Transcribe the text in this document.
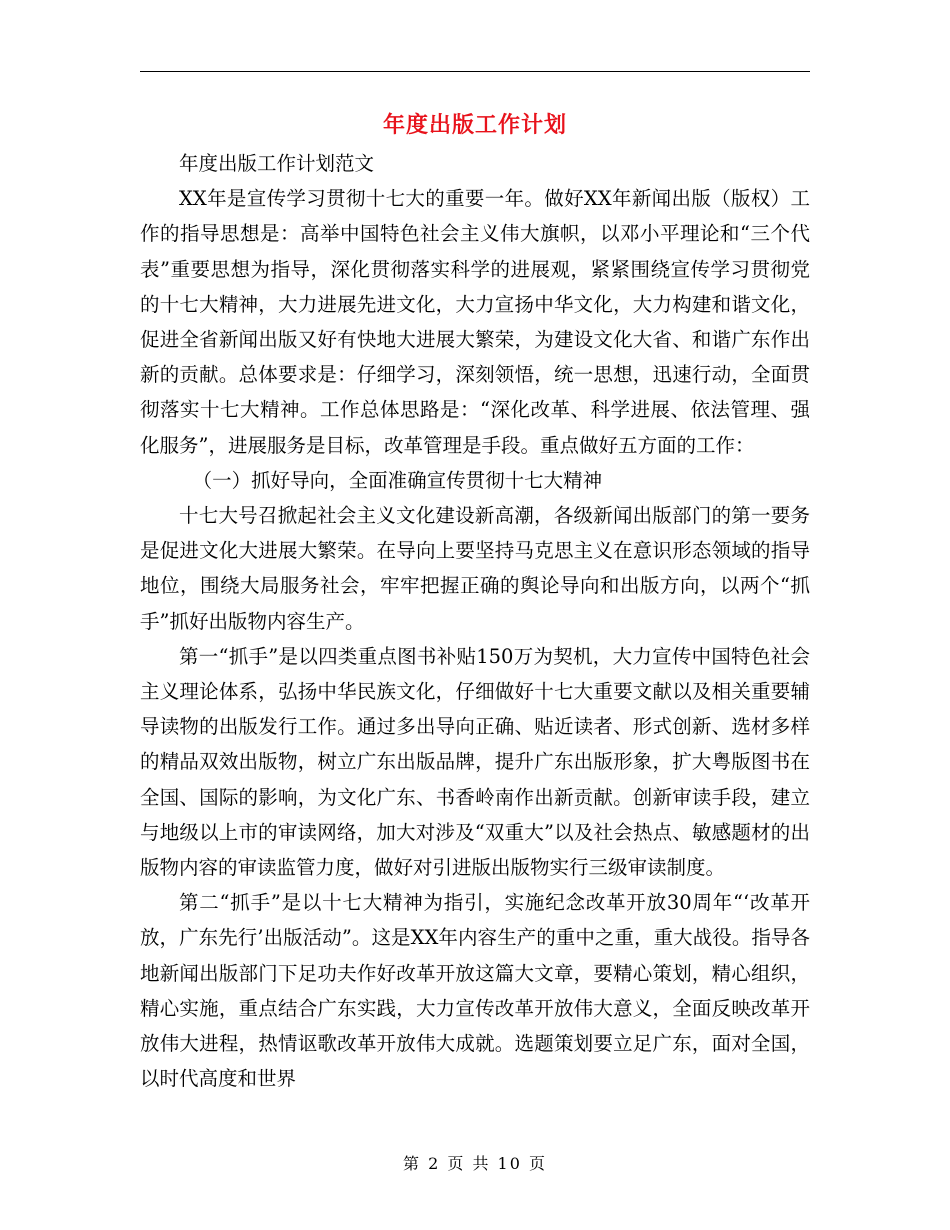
年度出版工作计划

年度出版工作计划范文

XX年是宣传学习贯彻十七大的重要一年。做好XX年新闻出版（版权）工作的指导思想是：高举中国特色社会主义伟大旗帜，以邓小平理论和“三个代表”重要思想为指导，深化贯彻落实科学的进展观，紧紧围绕宣传学习贯彻党的十七大精神，大力进展先进文化，大力宣扬中华文化，大力构建和谐文化，促进全省新闻出版又好有快地大进展大繁荣，为建设文化大省、和谐广东作出新的贡献。总体要求是：仔细学习，深刻领悟，统一思想，迅速行动，全面贯彻落实十七大精神。工作总体思路是：“深化改革、科学进展、依法管理、强化服务”，进展服务是目标，改革管理是手段。重点做好五方面的工作：

（一）抓好导向，全面准确宣传贯彻十七大精神

十七大号召掀起社会主义文化建设新高潮，各级新闻出版部门的第一要务是促进文化大进展大繁荣。在导向上要坚持马克思主义在意识形态领域的指导地位，围绕大局服务社会，牢牢把握正确的舆论导向和出版方向，以两个“抓手”抓好出版物内容生产。

第一“抓手”是以四类重点图书补贴150万为契机，大力宣传中国特色社会主义理论体系，弘扬中华民族文化，仔细做好十七大重要文献以及相关重要辅导读物的出版发行工作。通过多出导向正确、贴近读者、形式创新、选材多样的精品双效出版物，树立广东出版品牌，提升广东出版形象，扩大粤版图书在全国、国际的影响，为文化广东、书香岭南作出新贡献。创新审读手段，建立与地级以上市的审读网络，加大对涉及“双重大”以及社会热点、敏感题材的出版物内容的审读监管力度，做好对引进版出版物实行三级审读制度。

第二“抓手”是以十七大精神为指引，实施纪念改革开放30周年“‘改革开放，广东先行’出版活动”。这是XX年内容生产的重中之重，重大战役。指导各地新闻出版部门下足功夫作好改革开放这篇大文章，要精心策划，精心组织，精心实施，重点结合广东实践，大力宣传改革开放伟大意义，全面反映改革开放伟大进程，热情讴歌改革开放伟大成就。选题策划要立足广东，面对全国，以时代高度和世界

第 2 页 共 10 页
